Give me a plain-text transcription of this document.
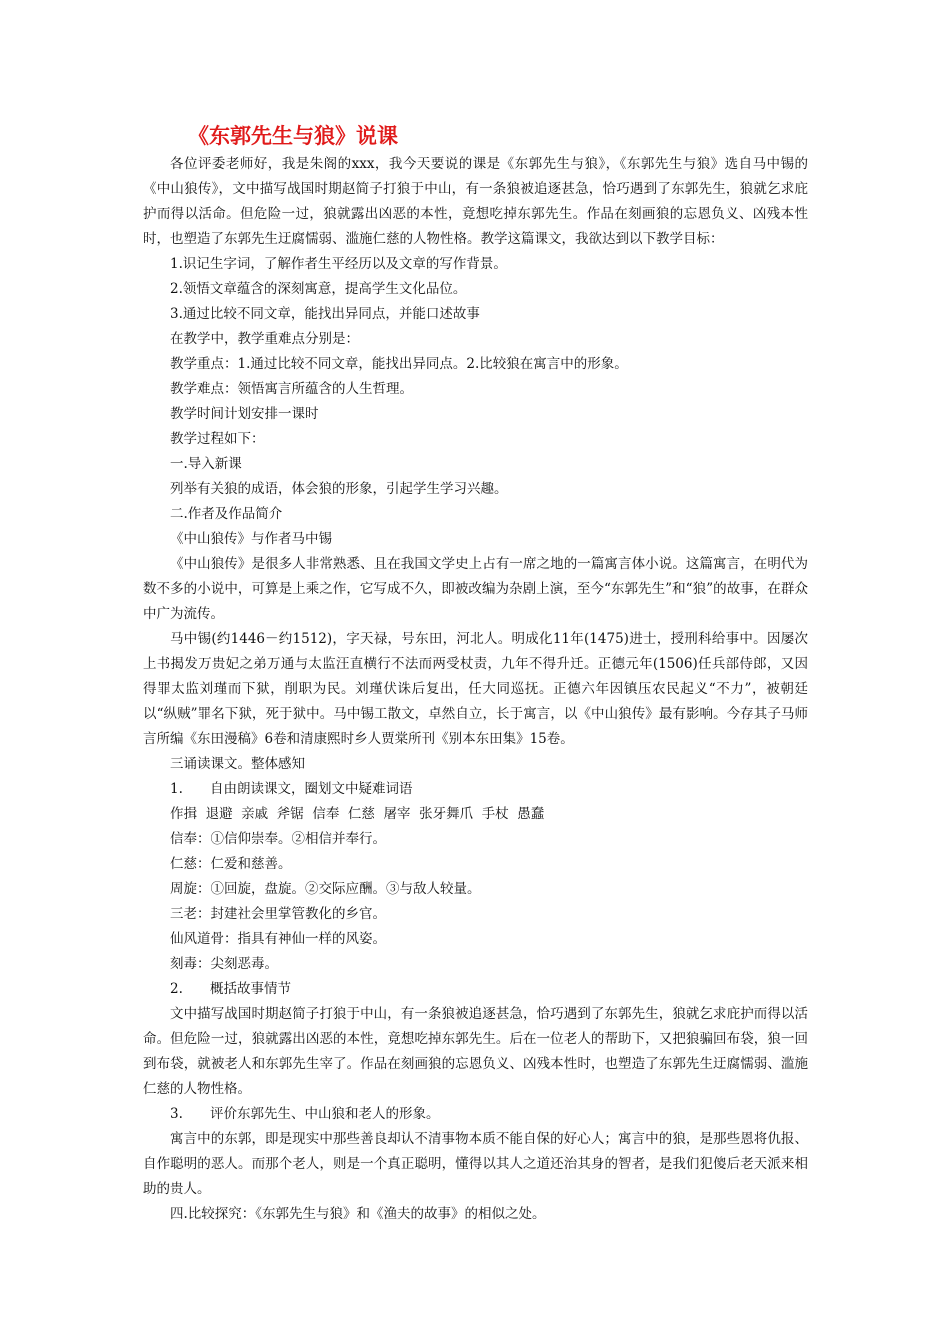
《东郭先生与狼》说课

各位评委老师好，我是朱阁的xxx，我今天要说的课是《东郭先生与狼》，《东郭先生与狼》选自马中锡的《中山狼传》，文中描写战国时期赵简子打狼于中山，有一条狼被追逐甚急，恰巧遇到了东郭先生，狼就乞求庇护而得以活命。但危险一过，狼就露出凶恶的本性，竟想吃掉东郭先生。作品在刻画狼的忘恩负义、凶残本性时，也塑造了东郭先生迂腐懦弱、滥施仁慈的人物性格。教学这篇课文，我欲达到以下教学目标：

1.识记生字词，了解作者生平经历以及文章的写作背景。

2.领悟文章蕴含的深刻寓意，提高学生文化品位。

3.通过比较不同文章，能找出异同点，并能口述故事

在教学中，教学重难点分别是：

教学重点：1.通过比较不同文章，能找出异同点。2.比较狼在寓言中的形象。

教学难点：领悟寓言所蕴含的人生哲理。

教学时间计划安排一课时

教学过程如下：

一.导入新课

列举有关狼的成语，体会狼的形象，引起学生学习兴趣。

二.作者及作品简介

《中山狼传》与作者马中锡

《中山狼传》是很多人非常熟悉、且在我国文学史上占有一席之地的一篇寓言体小说。这篇寓言，在明代为数不多的小说中，可算是上乘之作，它写成不久，即被改编为杂剧上演，至今“东郭先生”和“狼”的故事，在群众中广为流传。

马中锡(约1446－约1512)，字天禄，号东田，河北人。明成化11年(1475)进士，授刑科给事中。因屡次上书揭发万贵妃之弟万通与太监汪直横行不法而两受杖责，九年不得升迁。正德元年(1506)任兵部侍郎，又因得罪太监刘瑾而下狱，削职为民。刘瑾伏诛后复出，任大同巡抚。正德六年因镇压农民起义“不力”，被朝廷以“纵贼”罪名下狱，死于狱中。马中锡工散文，卓然自立，长于寓言，以《中山狼传》最有影响。今存其子马师言所编《东田漫稿》6卷和清康熙时乡人贾棠所刊《别本东田集》15卷。

三诵读课文。整体感知

1. 自由朗读课文，圈划文中疑难词语

作揖  退避  亲戚  斧锯  信奉  仁慈  屠宰  张牙舞爪  手杖  愚蠢

信奉：①信仰崇奉。②相信并奉行。

仁慈：仁爱和慈善。

周旋：①回旋，盘旋。②交际应酬。③与敌人较量。

三老：封建社会里掌管教化的乡官。

仙风道骨：指具有神仙一样的风姿。

刻毒：尖刻恶毒。

2. 概括故事情节

文中描写战国时期赵简子打狼于中山，有一条狼被追逐甚急，恰巧遇到了东郭先生，狼就乞求庇护而得以活命。但危险一过，狼就露出凶恶的本性，竟想吃掉东郭先生。后在一位老人的帮助下，又把狼骗回布袋，狼一回到布袋，就被老人和东郭先生宰了。作品在刻画狼的忘恩负义、凶残本性时，也塑造了东郭先生迂腐懦弱、滥施仁慈的人物性格。

3. 评价东郭先生、中山狼和老人的形象。

寓言中的东郭，即是现实中那些善良却认不清事物本质不能自保的好心人；寓言中的狼，是那些恩将仇报、自作聪明的恶人。而那个老人，则是一个真正聪明，懂得以其人之道还治其身的智者，是我们犯傻后老天派来相助的贵人。

四.比较探究：《东郭先生与狼》和《渔夫的故事》的相似之处。
